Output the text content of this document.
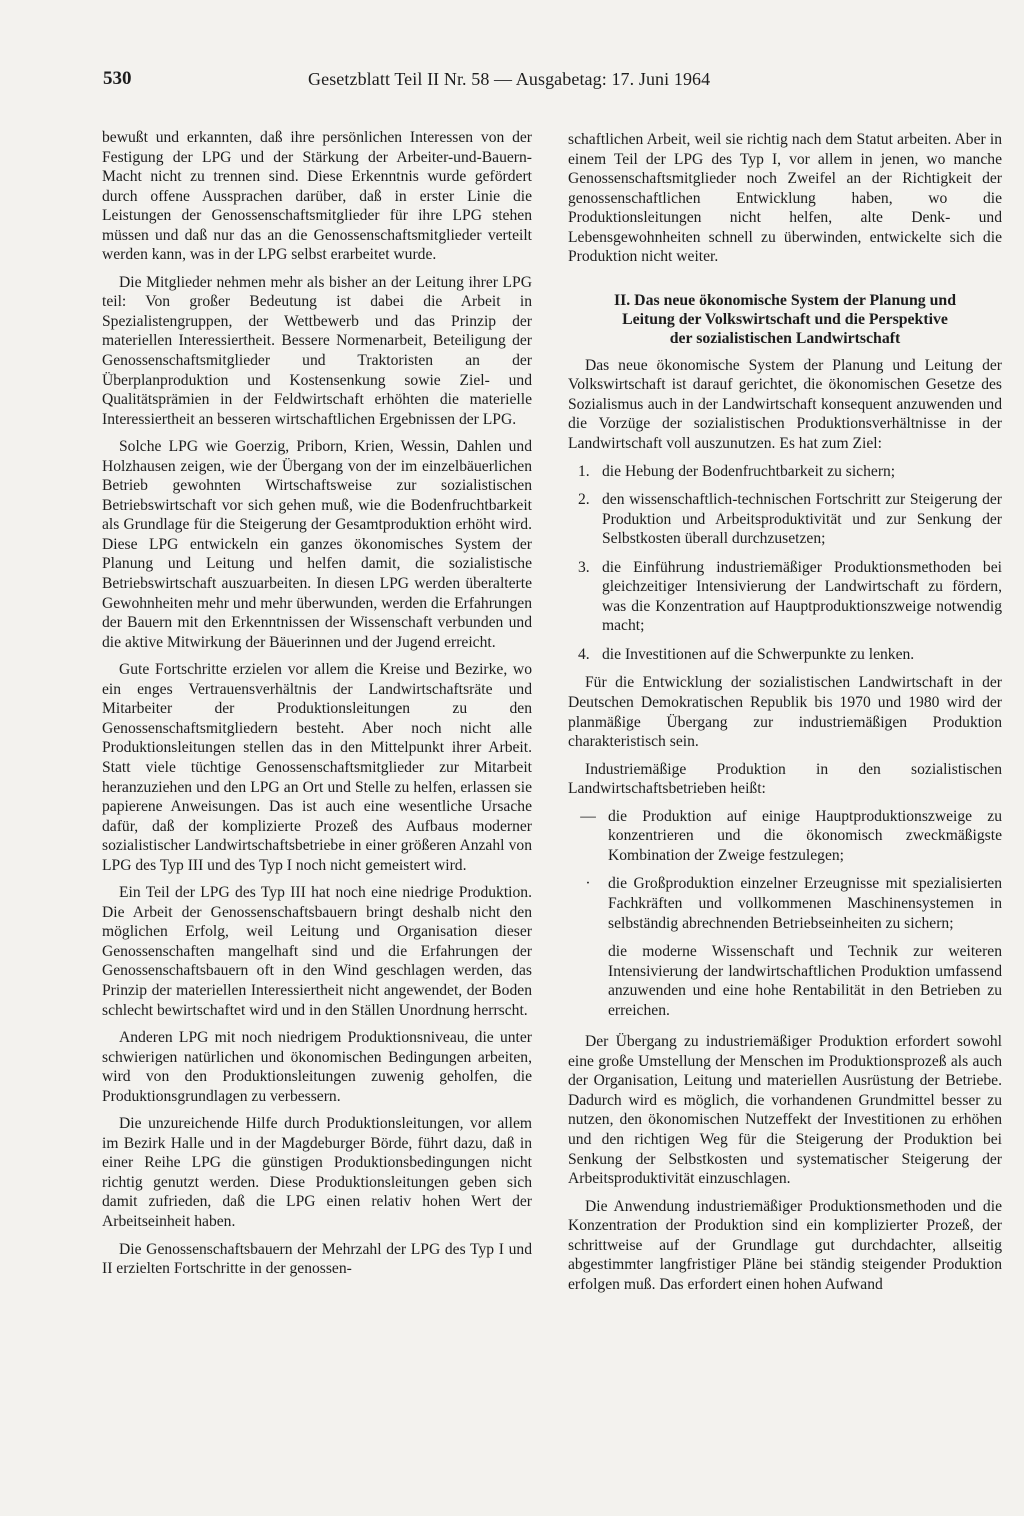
530	Gesetzblatt Teil II Nr. 58 — Ausgabetag: 17. Juni 1964

bewußt und erkannten, daß ihre persönlichen Interessen von der Festigung der LPG und der Stärkung der Arbeiter-und-Bauern-Macht nicht zu trennen sind. Diese Erkenntnis wurde gefördert durch offene Aussprachen darüber, daß in erster Linie die Leistungen der Genossenschaftsmitglieder für ihre LPG stehen müssen und daß nur das an die Genossenschaftsmitglieder verteilt werden kann, was in der LPG selbst erarbeitet wurde.

Die Mitglieder nehmen mehr als bisher an der Leitung ihrer LPG teil: Von großer Bedeutung ist dabei die Arbeit in Spezialistengruppen, der Wettbewerb und das Prinzip der materiellen Interessiertheit. Bessere Normenarbeit, Beteiligung der Genossenschaftsmitglieder und Traktoristen an der Überplanproduktion und Kostensenkung sowie Ziel- und Qualitätsprämien in der Feldwirtschaft erhöhten die materielle Interessiertheit an besseren wirtschaftlichen Ergebnissen der LPG.

Solche LPG wie Goerzig, Priborn, Krien, Wessin, Dahlen und Holzhausen zeigen, wie der Übergang von der im einzelbäuerlichen Betrieb gewohnten Wirtschaftsweise zur sozialistischen Betriebswirtschaft vor sich gehen muß, wie die Bodenfruchtbarkeit als Grundlage für die Steigerung der Gesamtproduktion erhöht wird. Diese LPG entwickeln ein ganzes ökonomisches System der Planung und Leitung und helfen damit, die sozialistische Betriebswirtschaft auszuarbeiten. In diesen LPG werden überalterte Gewohnheiten mehr und mehr überwunden, werden die Erfahrungen der Bauern mit den Erkenntnissen der Wissenschaft verbunden und die aktive Mitwirkung der Bäuerinnen und der Jugend erreicht.

Gute Fortschritte erzielen vor allem die Kreise und Bezirke, wo ein enges Vertrauensverhältnis der Landwirtschaftsräte und Mitarbeiter der Produktionsleitungen zu den Genossenschaftsmitgliedern besteht. Aber noch nicht alle Produktionsleitungen stellen das in den Mittelpunkt ihrer Arbeit. Statt viele tüchtige Genossenschaftsmitglieder zur Mitarbeit heranzuziehen und den LPG an Ort und Stelle zu helfen, erlassen sie papierene Anweisungen. Das ist auch eine wesentliche Ursache dafür, daß der komplizierte Prozeß des Aufbaus moderner sozialistischer Landwirtschaftsbetriebe in einer größeren Anzahl von LPG des Typ III und des Typ I noch nicht gemeistert wird.

Ein Teil der LPG des Typ III hat noch eine niedrige Produktion. Die Arbeit der Genossenschaftsbauern bringt deshalb nicht den möglichen Erfolg, weil Leitung und Organisation dieser Genossenschaften mangelhaft sind und die Erfahrungen der Genossenschaftsbauern oft in den Wind geschlagen werden, das Prinzip der materiellen Interessiertheit nicht angewendet, der Boden schlecht bewirtschaftet wird und in den Ställen Unordnung herrscht.

Anderen LPG mit noch niedrigem Produktionsniveau, die unter schwierigen natürlichen und ökonomischen Bedingungen arbeiten, wird von den Produktionsleitungen zuwenig geholfen, die Produktionsgrundlagen zu verbessern.

Die unzureichende Hilfe durch Produktionsleitungen, vor allem im Bezirk Halle und in der Magdeburger Börde, führt dazu, daß in einer Reihe LPG die günstigen Produktionsbedingungen nicht richtig genutzt werden. Diese Produktionsleitungen geben sich damit zufrieden, daß die LPG einen relativ hohen Wert der Arbeitseinheit haben.

Die Genossenschaftsbauern der Mehrzahl der LPG des Typ I und II erzielten Fortschritte in der genossen-

schaftlichen Arbeit, weil sie richtig nach dem Statut arbeiten. Aber in einem Teil der LPG des Typ I, vor allem in jenen, wo manche Genossenschaftsmitglieder noch Zweifel an der Richtigkeit der genossenschaftlichen Entwicklung haben, wo die Produktionsleitungen nicht helfen, alte Denk- und Lebensgewohnheiten schnell zu überwinden, entwickelte sich die Produktion nicht weiter.

II. Das neue ökonomische System der Planung und

Leitung der Volkswirtschaft und die Perspektive

der sozialistischen Landwirtschaft

Das neue ökonomische System der Planung und Leitung der Volkswirtschaft ist darauf gerichtet, die ökonomischen Gesetze des Sozialismus auch in der Landwirtschaft konsequent anzuwenden und die Vorzüge der sozialistischen Produktionsverhältnisse in der Landwirtschaft voll auszunutzen. Es hat zum Ziel:

1. die Hebung der Bodenfruchtbarkeit zu sichern;
2. den wissenschaftlich-technischen Fortschritt zur Steigerung der Produktion und Arbeitsproduktivität und zur Senkung der Selbstkosten überall durchzusetzen;
3. die Einführung industriemäßiger Produktionsmethoden bei gleichzeitiger Intensivierung der Landwirtschaft zu fördern, was die Konzentration auf Hauptproduktionszweige notwendig macht;
4. die Investitionen auf die Schwerpunkte zu lenken.

Für die Entwicklung der sozialistischen Landwirtschaft in der Deutschen Demokratischen Republik bis 1970 und 1980 wird der planmäßige Übergang zur industriemäßigen Produktion charakteristisch sein.

Industriemäßige Produktion in den sozialistischen Landwirtschaftsbetrieben heißt:

— die Produktion auf einige Hauptproduktionszweige zu konzentrieren und die ökonomisch zweckmäßigste Kombination der Zweige festzulegen;
·	die Großproduktion einzelner Erzeugnisse mit spezialisierten Fachkräften und vollkommenen Maschinensystemen in selbständig abrechnenden Betriebseinheiten zu sichern;
die moderne Wissenschaft und Technik zur weiteren Intensivierung der landwirtschaftlichen Produktion umfassend anzuwenden und eine hohe Rentabilität in den Betrieben zu erreichen.

Der Übergang zu industriemäßiger Produktion erfordert sowohl eine große Umstellung der Menschen im Produktionsprozeß als auch der Organisation, Leitung und materiellen Ausrüstung der Betriebe. Dadurch wird es möglich, die vorhandenen Grundmittel besser zu nutzen, den ökonomischen Nutzeffekt der Investitionen zu erhöhen und den richtigen Weg für die Steigerung der Produktion bei Senkung der Selbstkosten und systematischer Steigerung der Arbeitsproduktivität einzuschlagen.

Die Anwendung industriemäßiger Produktionsmethoden und die Konzentration der Produktion sind ein komplizierter Prozeß, der schrittweise auf der Grundlage gut durchdachter, allseitig abgestimmter langfristiger Pläne bei ständig steigender Produktion erfolgen muß. Das erfordert einen hohen Aufwand
